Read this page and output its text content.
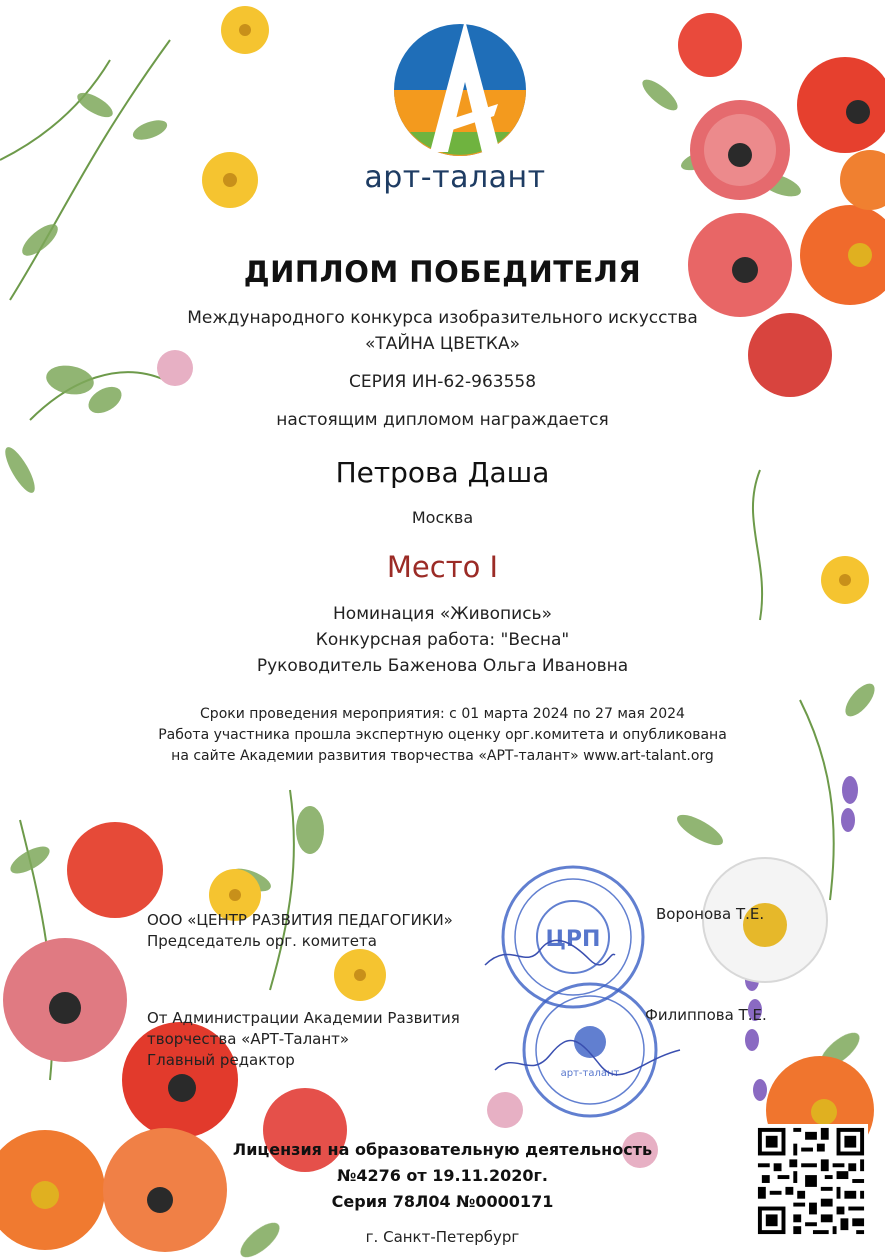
арт-талант
ДИПЛОМ ПОБЕДИТЕЛЯ
Международного конкурса изобразительного искусства
«ТАЙНА ЦВЕТКА»
СЕРИЯ ИН-62-963558
настоящим дипломом награждается
Петрова Даша
Москва
Место I
Номинация «Живопись»
Конкурсная работа: "Весна"
Руководитель Баженова Ольга Ивановна
Сроки проведения мероприятия: с 01 марта 2024 по 27 мая 2024
Работа участника прошла экспертную оценку орг.комитета и опубликована
на сайте Академии развития творчества «АРТ-талант» www.art-talant.org
ЦРП
арт-талант
ООО «ЦЕНТР РАЗВИТИЯ ПЕДАГОГИКИ»
Председатель орг. комитета
Воронова Т.Е.
От Администрации Академии Развития
творчества «АРТ-Талант»
Главный редактор
Филиппова Т.Е.
Лицензия на образовательную деятельность
№4276 от 19.11.2020г.
Серия 78Л04 №0000171
г. Санкт-Петербург
